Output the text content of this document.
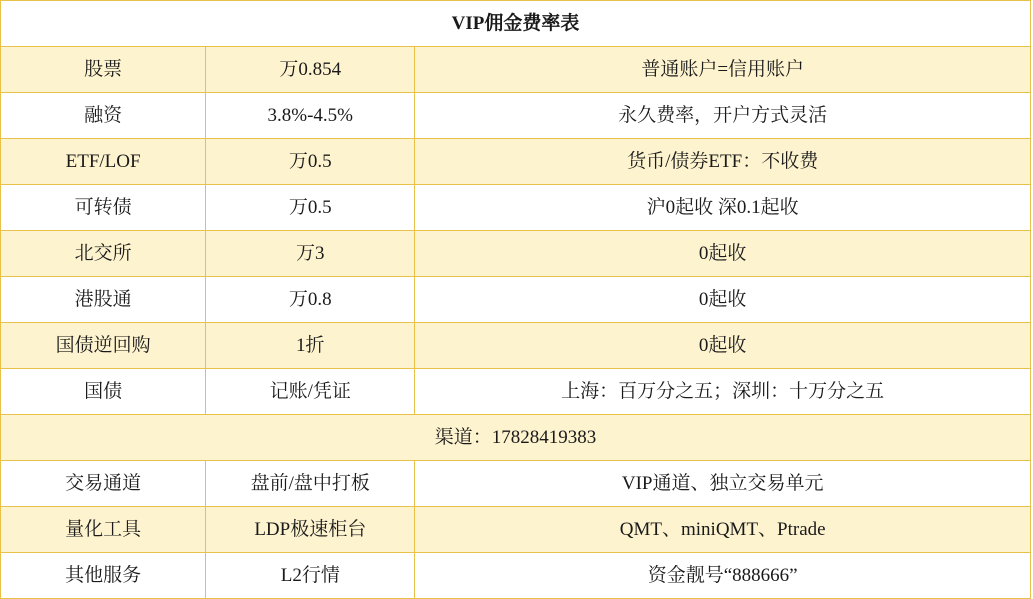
VIP佣金费率表		
股票	万0.854	普通账户=信用账户
融资	3.8%-4.5%	永久费率，开户方式灵活
ETF/LOF	万0.5	货币/债券ETF：不收费
可转债	万0.5	沪0起收 深0.1起收
北交所	万3	0起收
港股通	万0.8	0起收
国债逆回购	1折	0起收
国债	记账/凭证	上海：百万分之五；深圳：十万分之五
渠道：17828419383		
交易通道	盘前/盘中打板	VIP通道、独立交易单元
量化工具	LDP极速柜台	QMT、miniQMT、Ptrade
其他服务	L2行情	资金靓号“888666”
